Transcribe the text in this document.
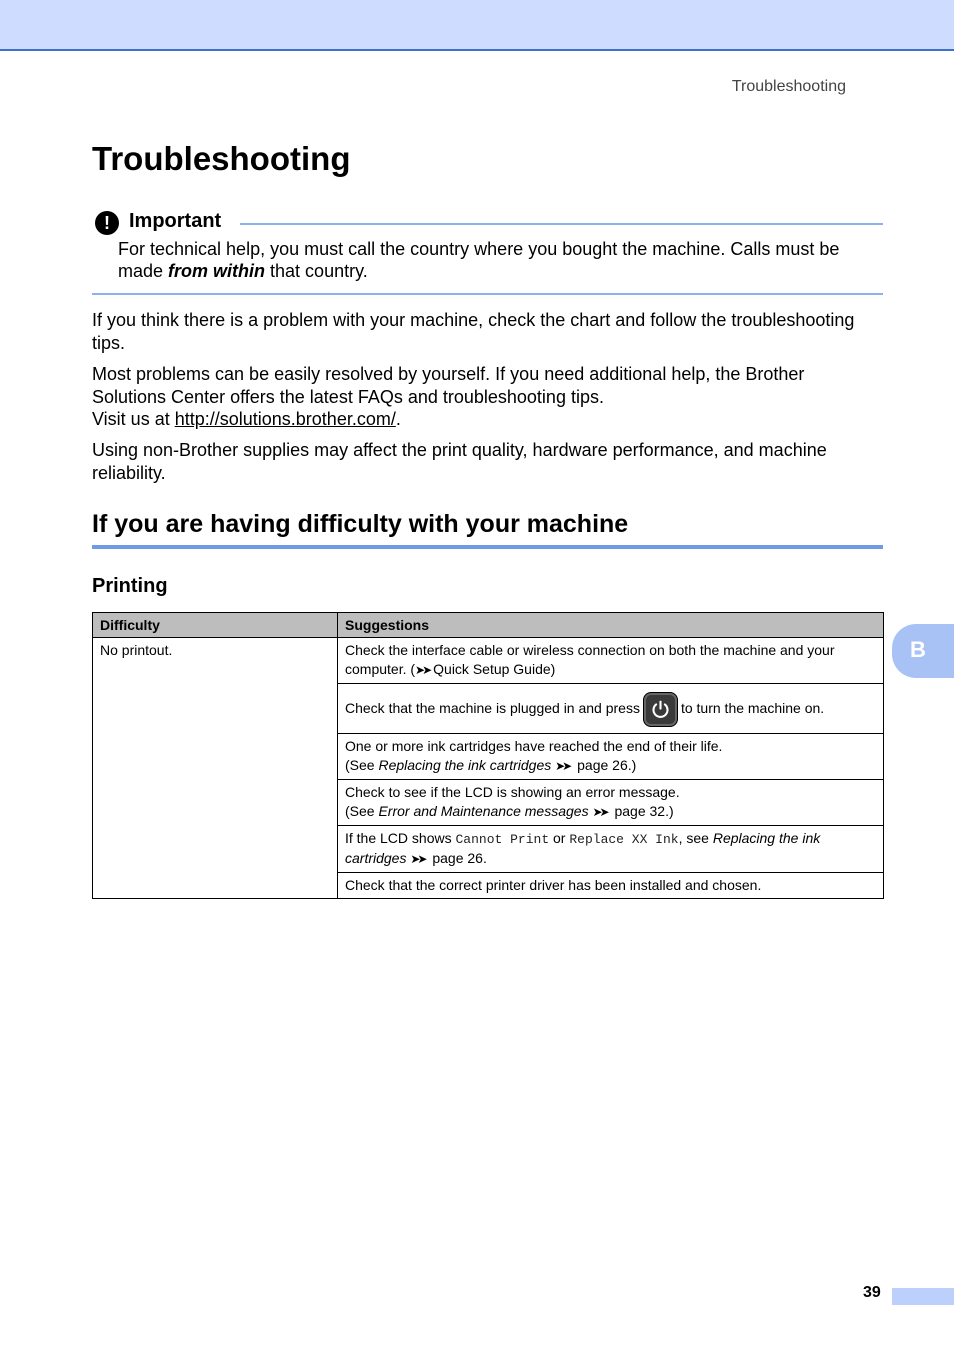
Troubleshooting
Troubleshooting
! Important

For technical help, you must call the country where you bought the machine. Calls must be made from within that country.

If you think there is a problem with your machine, check the chart and follow the troubleshooting tips.

Most problems can be easily resolved by yourself. If you need additional help, the Brother Solutions Center offers the latest FAQs and troubleshooting tips.
Visit us at http://solutions.brother.com/.

Using non-Brother supplies may affect the print quality, hardware performance, and machine reliability.

If you are having difficulty with your machine
Printing
Difficulty	Suggestions
No printout.	Check the interface cable or wireless connection on both the machine and your computer. (➤➤ Quick Setup Guide)
	Check that the machine is plugged in and press to turn the machine on.
	One or more ink cartridges have reached the end of their life.
(See Replacing the ink cartridges ➤➤ page 26.)
	Check to see if the LCD is showing an error message.
(See Error and Maintenance messages ➤➤ page 32.)
	If the LCD shows Cannot Print or Replace XX Ink, see Replacing the ink cartridges ➤➤ page 26.
	Check that the correct printer driver has been installed and chosen.
B
39
